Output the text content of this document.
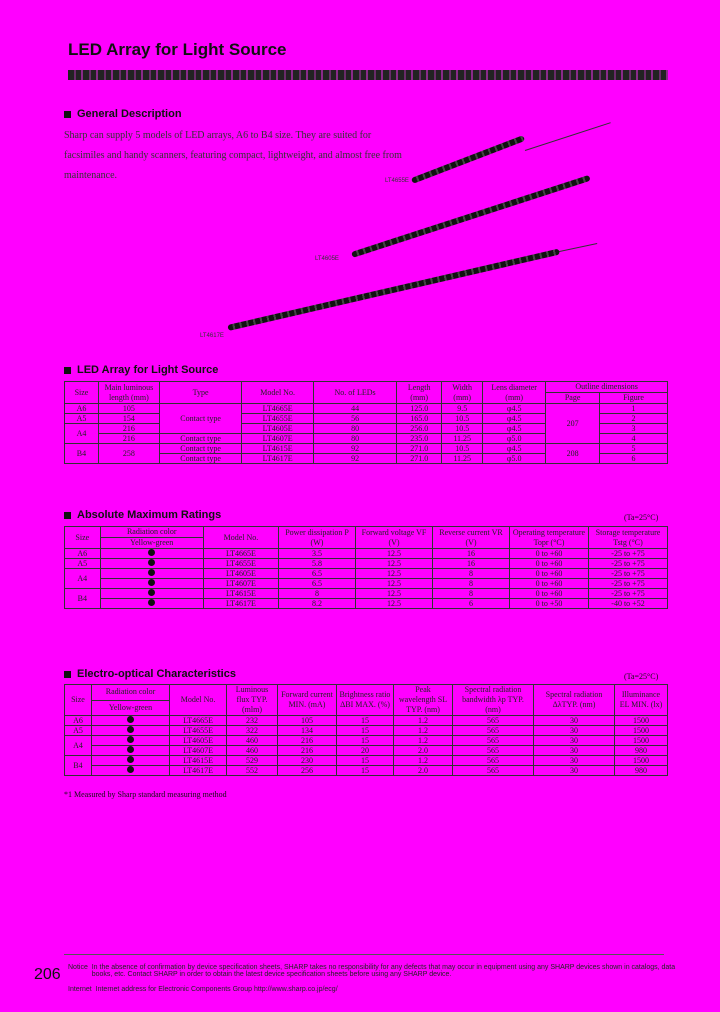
LED Array for Light Source
General Description
Sharp can supply 5 models of LED arrays, A6 to B4 size. They are suited for facsimiles and handy scanners, featuring compact, lightweight, and almost free from maintenance.	LT4655E
LT4605E
LT4617E
LED Array for Light Source
Size	Main luminous length (mm)	Type	Model No.	No. of LEDs	Length (mm)	Width (mm)	Lens diameter (mm)	Outline dimensions	
								Page	Figure
A6	105	Contact type	LT4665E	44	125.0	9.5	φ4.5	207	1
A5	154		LT4655E	56	165.0	10.5	φ4.5		2
A4	216		LT4605E	80	256.0	10.5	φ4.5		3
	216	Contact type	LT4607E	80	235.0	11.25	φ5.0		4
B4	258	Contact type	LT4615E	92	271.0	10.5	φ4.5	208	5
		Contact type	LT4617E	92	271.0	11.25	φ5.0		6
Absolute Maximum Ratings	(Ta=25°C)
Size	Radiation color	Model No.	Power dissipation P (W)	Forward voltage VF (V)	Reverse current VR (V)	Operating temperature Topr (°C)	Storage temperature Tstg (°C)
	Yellow-green						
A6		LT4665E	3.5	12.5	16	0 to +60	-25 to +75
A5		LT4655E	5.8	12.5	16	0 to +60	-25 to +75
A4		LT4605E	6.5	12.5	8	0 to +60	-25 to +75
		LT4607E	6.5	12.5	8	0 to +60	-25 to +75
B4		LT4615E	8	12.5	8	0 to +60	-25 to +75
		LT4617E	8.2	12.5	6	0 to +50	-40 to +52
Electro-optical Characteristics	(Ta=25°C)
Size	Radiation color	Model No.	Luminous flux TYP. (mlm)	Forward current MIN. (mA)	Brightness ratio ΔBI MAX. (%)	Peak wavelength SL TYP. (nm)	Spectral radiation bandwidth λp TYP. (nm)	Spectral radiation ΔλTYP. (nm)	Illuminance EL MIN. (lx)
	Yellow-green								
A6		LT4665E	232	105	15	1.2	565	30	1500
A5		LT4655E	322	134	15	1.2	565	30	1500
A4		LT4605E	460	216	15	1.2	565	30	1500
		LT4607E	460	216	20	2.0	565	30	980
B4		LT4615E	529	230	15	1.2	565	30	1500
		LT4617E	552	256	15	2.0	565	30	980
*1 Measured by Sharp standard measuring method
206 Notice In the absence of confirmation by device specification sheets, SHARP takes no responsibility for any defects that may occur in equipment using any SHARP devices shown in catalogs, data books, etc. Contact SHARP in order to obtain the latest device specification sheets before using any SHARP device.
Internet Internet address for Electronic Components Group http://www.sharp.co.jp/ecg/
